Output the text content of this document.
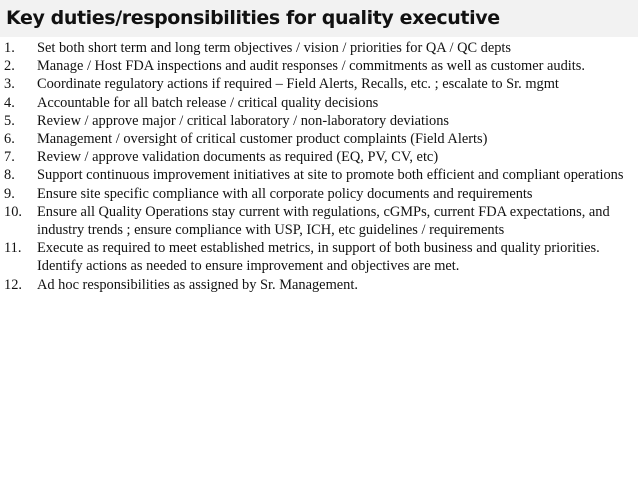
Key duties/responsibilities for quality executive
1. Set both short term and long term objectives / vision / priorities for QA / QC depts
2. Manage / Host FDA inspections and audit responses / commitments as well as customer audits.
3. Coordinate regulatory actions if required – Field Alerts, Recalls, etc. ; escalate to Sr. mgmt
4. Accountable for all batch release / critical quality decisions
5. Review / approve major / critical laboratory / non-laboratory deviations
6. Management / oversight of critical customer product complaints (Field Alerts)
7. Review / approve validation documents as required (EQ, PV, CV, etc)
8. Support continuous improvement initiatives at site to promote both efficient and compliant operations
9. Ensure site specific compliance with all corporate policy documents and requirements
10. Ensure all Quality Operations stay current with regulations, cGMPs, current FDA expectations, and industry trends ; ensure compliance with USP, ICH, etc guidelines / requirements
11. Execute as required to meet established metrics, in support of both business and quality priorities. Identify actions as needed to ensure improvement and objectives are met.
12. Ad hoc responsibilities as assigned by Sr. Management.
